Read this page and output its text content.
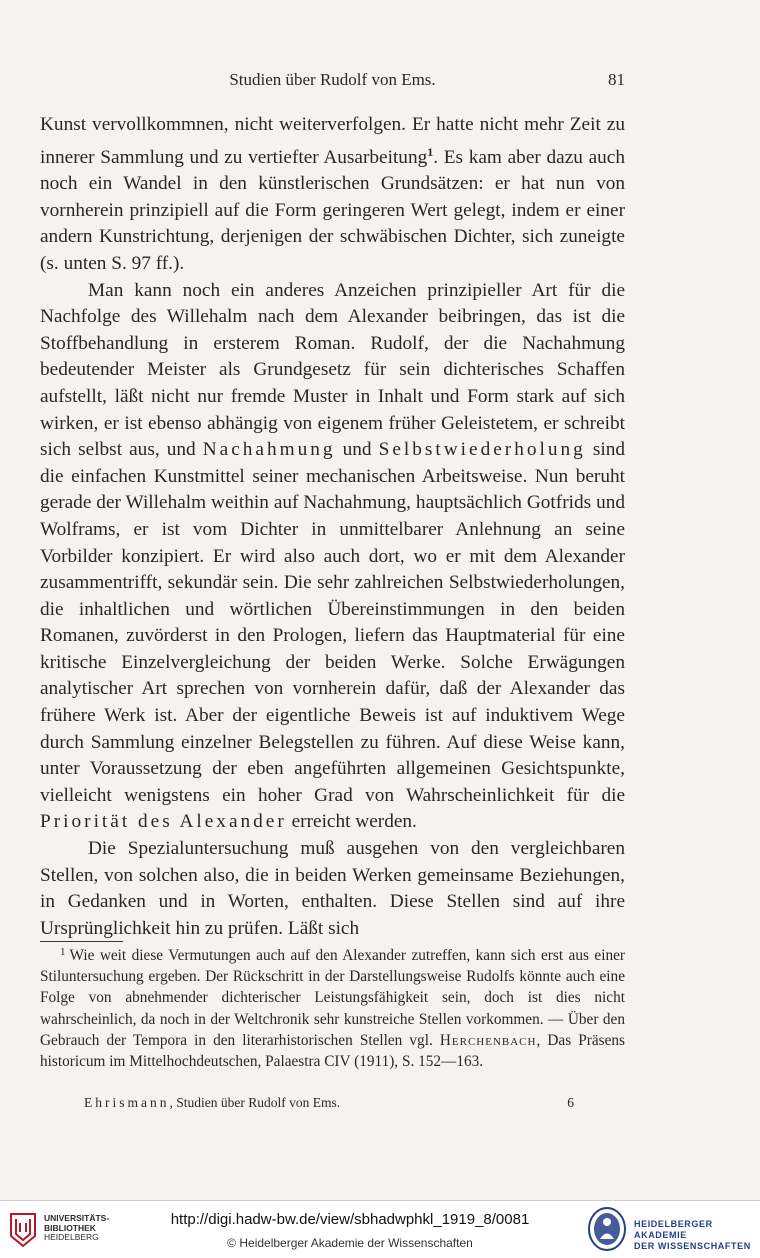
Studien über Rudolf von Ems.	81

Kunst vervollkommnen, nicht weiterverfolgen. Er hatte nicht mehr Zeit zu innerer Sammlung und zu vertiefter Ausarbeitung$^1$. Es kam aber dazu auch noch ein Wandel in den künstlerischen Grundsätzen: er hat nun von vornherein prinzipiell auf die Form geringeren Wert gelegt, indem er einer andern Kunstrichtung, derjenigen der schwäbischen Dichter, sich zuneigte (s. unten S. 97 ff.).

Man kann noch ein anderes Anzeichen prinzipieller Art für die Nachfolge des Willehalm nach dem Alexander beibringen, das ist die Stoffbehandlung in ersterem Roman. Rudolf, der die Nachahmung bedeutender Meister als Grundgesetz für sein dichterisches Schaffen aufstellt, läßt nicht nur fremde Muster in Inhalt und Form stark auf sich wirken, er ist ebenso abhängig von eigenem früher Geleistetem, er schreibt sich selbst aus, und Nachahmung und Selbstwiederholung sind die einfachen Kunstmittel seiner mechanischen Arbeitsweise. Nun beruht gerade der Willehalm weithin auf Nachahmung, hauptsächlich Gotfrids und Wolframs, er ist vom Dichter in unmittelbarer Anlehnung an seine Vorbilder konzipiert. Er wird also auch dort, wo er mit dem Alexander zusammentrifft, sekundär sein. Die sehr zahlreichen Selbstwiederholungen, die inhaltlichen und wörtlichen Übereinstimmungen in den beiden Romanen, zuvörderst in den Prologen, liefern das Hauptmaterial für eine kritische Einzelvergleichung der beiden Werke. Solche Erwägungen analytischer Art sprechen von vornherein dafür, daß der Alexander das frühere Werk ist. Aber der eigentliche Beweis ist auf induktivem Wege durch Sammlung einzelner Belegstellen zu führen. Auf diese Weise kann, unter Voraussetzung der eben angeführten allgemeinen Gesichtspunkte, vielleicht wenigstens ein hoher Grad von Wahrscheinlichkeit für die Priorität des Alexander erreicht werden.

Die Spezialuntersuchung muß ausgehen von den vergleichbaren Stellen, von solchen also, die in beiden Werken gemeinsame Beziehungen, in Gedanken und in Worten, enthalten. Diese Stellen sind auf ihre Ursprünglichkeit hin zu prüfen. Läßt sich

$^1$ Wie weit diese Vermutungen auch auf den Alexander zutreffen, kann sich erst aus einer Stiluntersuchung ergeben. Der Rückschritt in der Darstellungsweise Rudolfs könnte auch eine Folge von abnehmender dichterischer Leistungsfähigkeit sein, doch ist dies nicht wahrscheinlich, da noch in der Weltchronik sehr kunstreiche Stellen vorkommen. — Über den Gebrauch der Tempora in den literarhistorischen Stellen vgl. Herchenbach, Das Präsens historicum im Mittelhochdeutschen, Palaestra CIV (1911), S. 152—163.

Ehrismann, Studien über Rudolf von Ems.	6
UNIVERSITÄTS-
BIBLIOTHEK
HEIDELBERG
http://digi.hadw-bw.de/view/sbhadwphkl_1919_8/0081
© Heidelberger Akademie der Wissenschaften
HEIDELBERGER AKADEMIE
DER WISSENSCHAFTEN
